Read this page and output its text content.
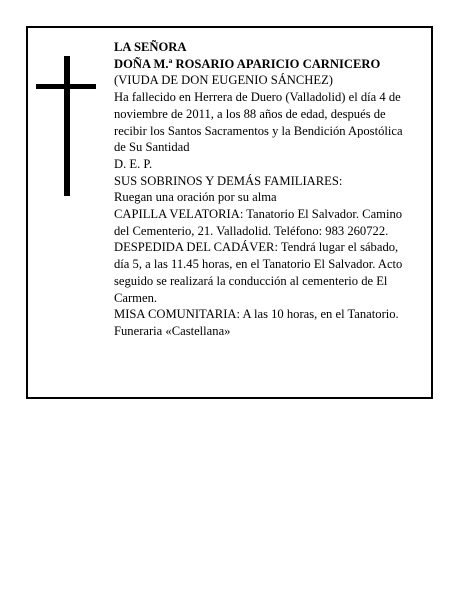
LA SEÑORA

DOÑA M.ª ROSARIO APARICIO CARNICERO

(VIUDA DE DON EUGENIO SÁNCHEZ)

Ha fallecido en Herrera de Duero (Valladolid) el día 4 de noviembre de 2011, a los 88 años de edad, después de recibir los Santos Sacramentos y la Bendición Apostólica de Su Santidad

D. E. P.

SUS SOBRINOS Y DEMÁS FAMILIARES:

Ruegan una oración por su alma

CAPILLA VELATORIA: Tanatorio El Salvador. Camino del Cementerio, 21. Valladolid. Teléfono: 983 260722.

DESPEDIDA DEL CADÁVER: Tendrá lugar el sábado, día 5, a las 11.45 horas, en el Tanatorio El Salvador. Acto seguido se realizará la conducción al cementerio de El Carmen.

MISA COMUNITARIA: A las 10 horas, en el Tanatorio.

Funeraria «Castellana»
